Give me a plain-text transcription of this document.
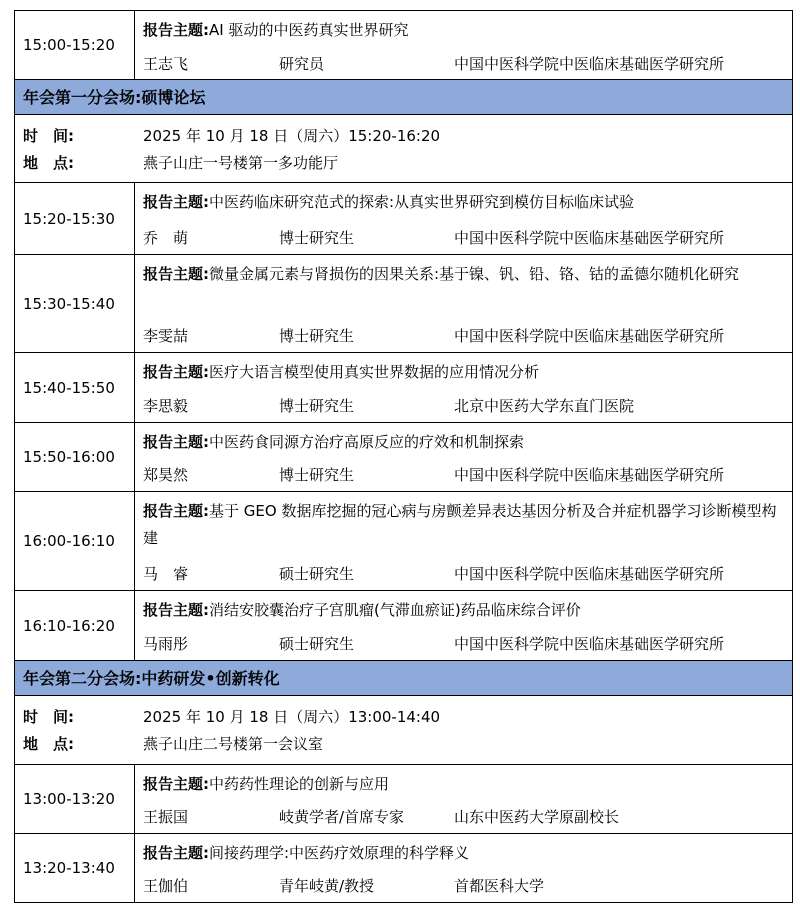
15:00-15:20
报告主题:AI 驱动的中医药真实世界研究
王志飞	研究员	中国中医科学院中医临床基础医学研究所
年会第一分会场:硕博论坛
时　间:	2025 年 10 月 18 日（周六）15:20-16:20
地　点:	燕子山庄一号楼第一多功能厅
15:20-15:30
报告主题:中医药临床研究范式的探索:从真实世界研究到模仿目标临床试验
乔　萌	博士研究生	中国中医科学院中医临床基础医学研究所
15:30-15:40
报告主题:微量金属元素与肾损伤的因果关系:基于镍、钒、铅、铬、钴的孟德尔随机化研究
李雯喆	博士研究生	中国中医科学院中医临床基础医学研究所
15:40-15:50
报告主题:医疗大语言模型使用真实世界数据的应用情况分析
李思毅	博士研究生	北京中医药大学东直门医院
15:50-16:00
报告主题:中医药食同源方治疗高原反应的疗效和机制探索
郑昊然	博士研究生	中国中医科学院中医临床基础医学研究所
16:00-16:10
报告主题:基于 GEO 数据库挖掘的冠心病与房颤差异表达基因分析及合并症机器学习诊断模型构建
马　睿	硕士研究生	中国中医科学院中医临床基础医学研究所
16:10-16:20
报告主题:消结安胶囊治疗子宫肌瘤(气滞血瘀证)药品临床综合评价
马雨彤	硕士研究生	中国中医科学院中医临床基础医学研究所
年会第二分会场:中药研发•创新转化
时　间:	2025 年 10 月 18 日（周六）13:00-14:40
地　点:	燕子山庄二号楼第一会议室
13:00-13:20
报告主题:中药药性理论的创新与应用
王振国	岐黄学者/首席专家	山东中医药大学原副校长
13:20-13:40
报告主题:间接药理学:中医药疗效原理的科学释义
王伽伯	青年岐黄/教授	首都医科大学
